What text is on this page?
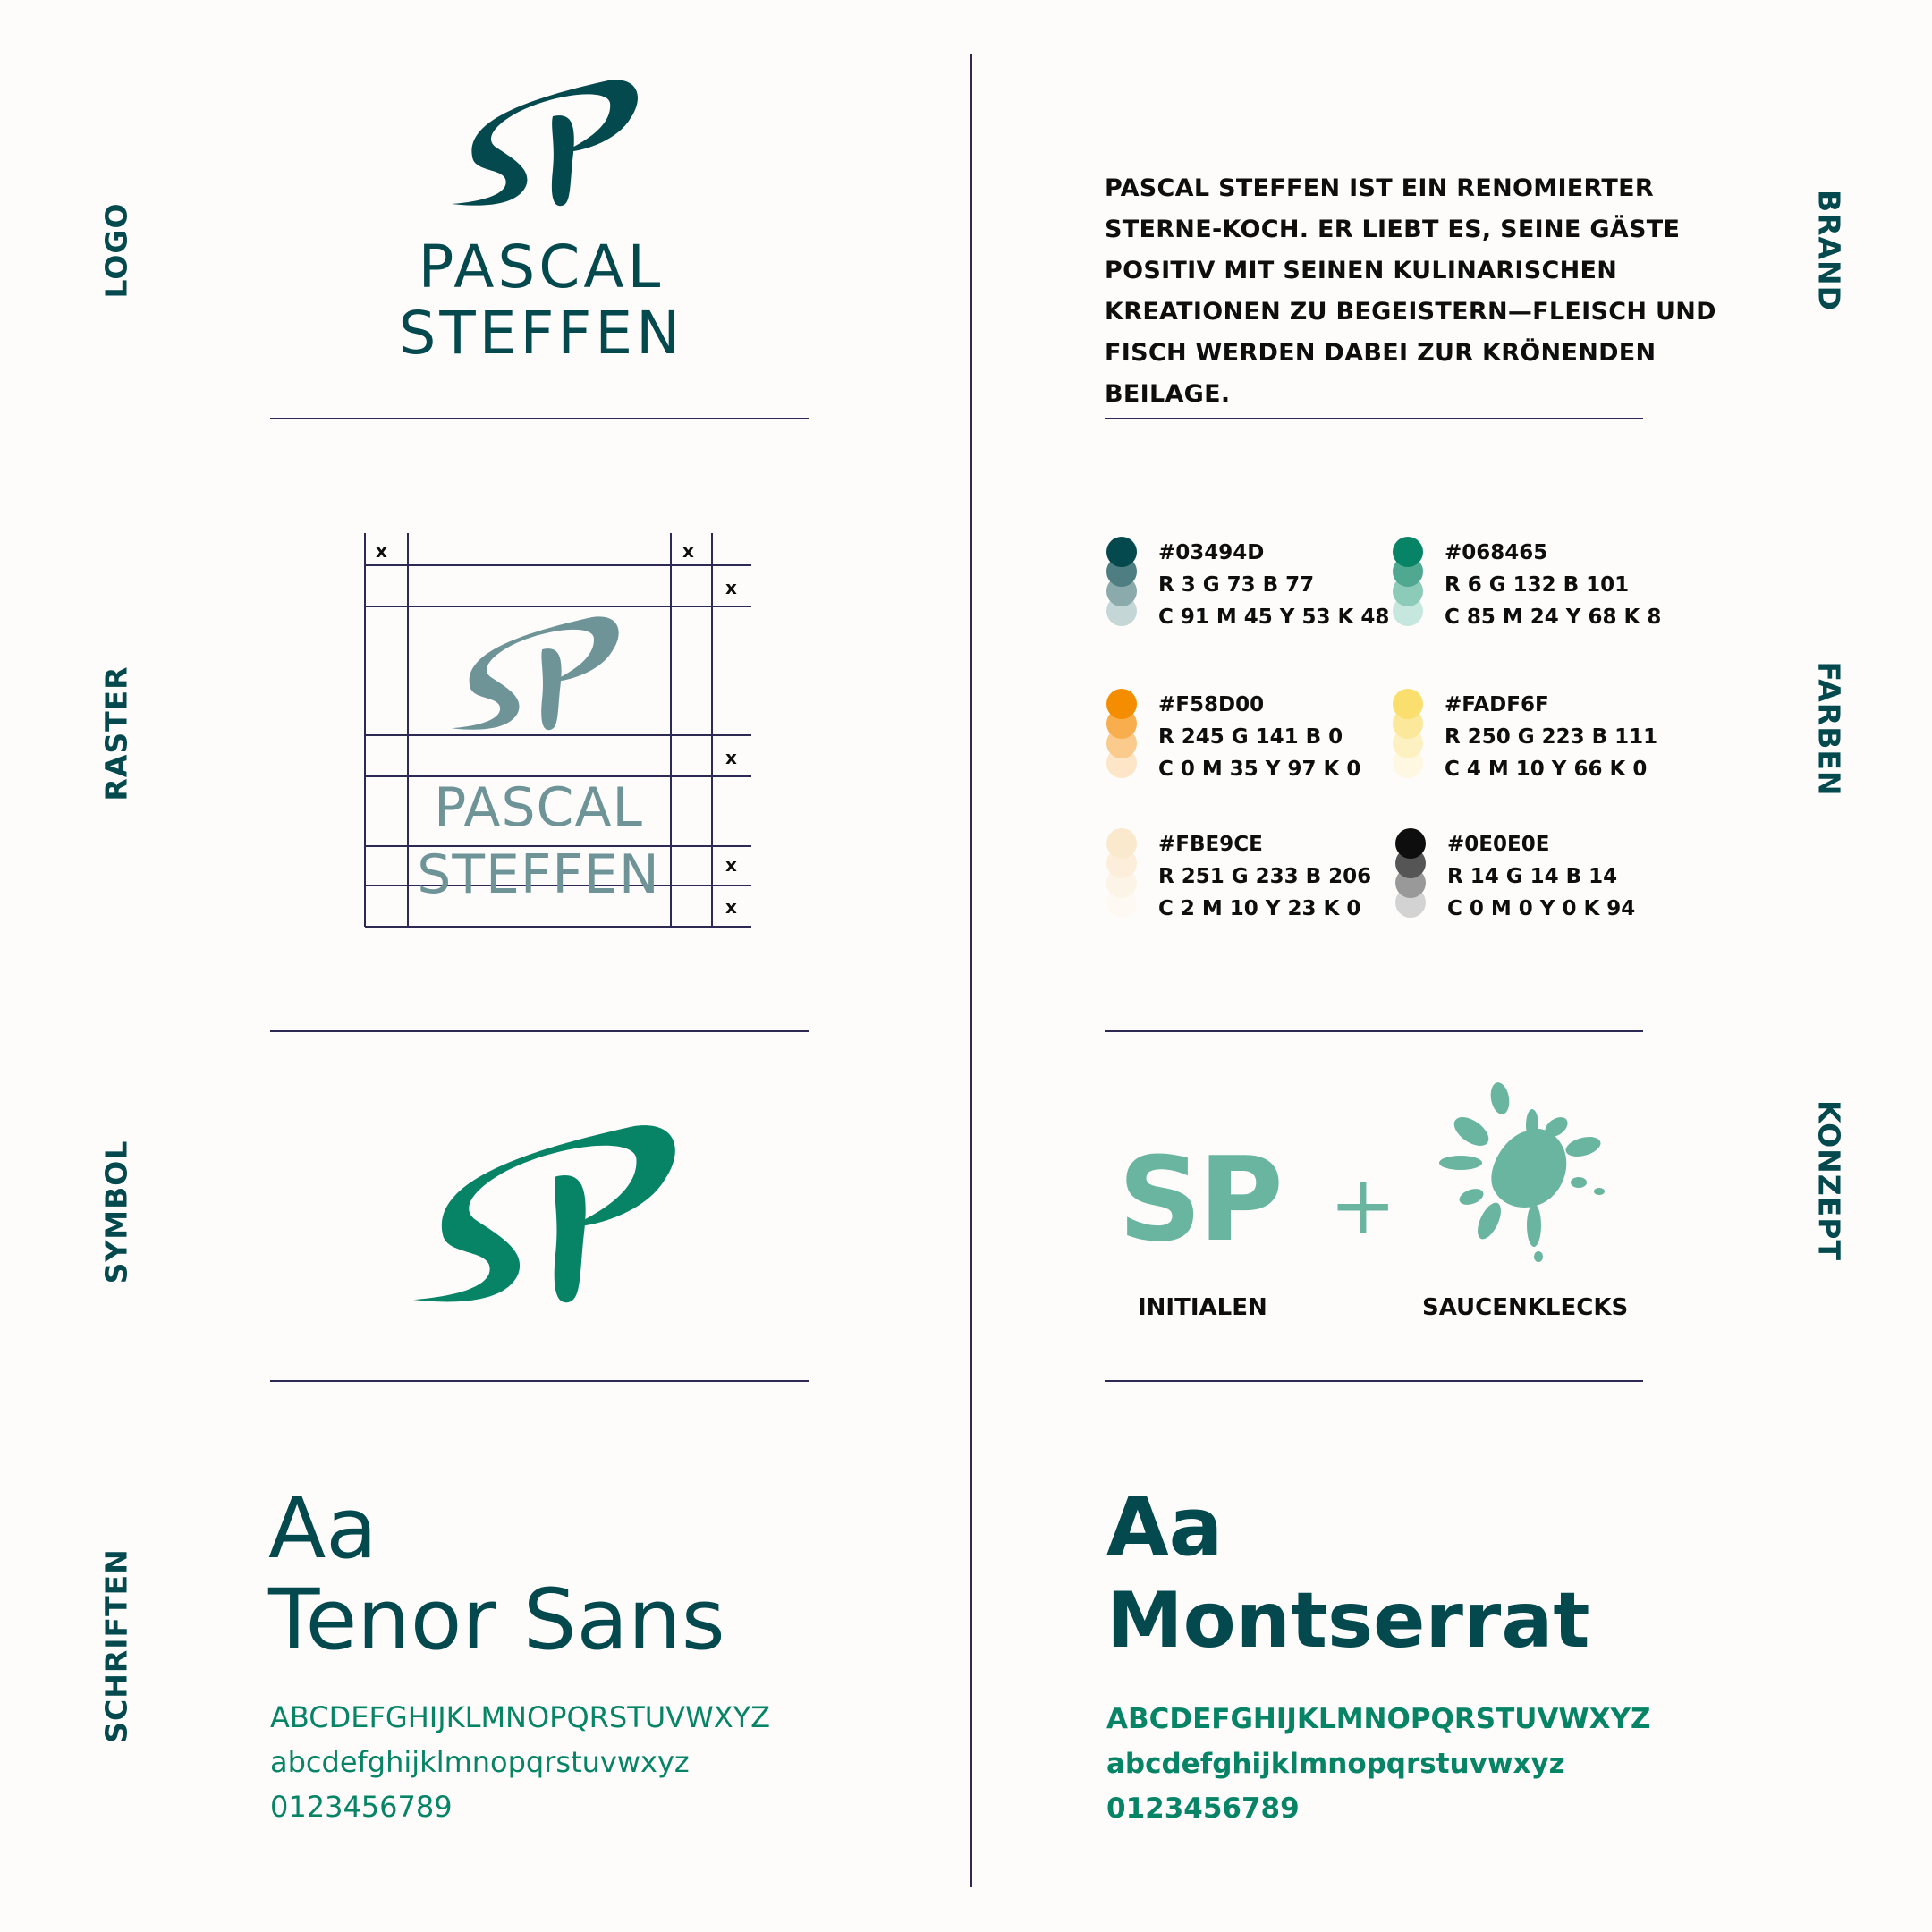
LOGO
RASTER
SYMBOL
SCHRIFTEN
BRAND
FARBEN
KONZEPT
PASCAL
STEFFEN
x	x
x
x
x
x
PASCAL
STEFFEN
PASCAL STEFFEN IST EIN RENOMIERTER STERNE-KOCH. ER LIEBT ES, SEINE GÄSTE POSITIV MIT SEINEN KULINARISCHEN KREATIONEN ZU BEGEISTERN—FLEISCH UND FISCH WERDEN DABEI ZUR KRÖNENDEN BEILAGE.
#03494D
R 3 G 73 B 77
C 91 M 45 Y 53 K 48
#068465
R 6 G 132 B 101
C 85 M 24 Y 68 K 8
#F58D00
R 245 G 141 B 0
C 0 M 35 Y 97 K 0
#FADF6F
R 250 G 223 B 111
C 4 M 10 Y 66 K 0
#FBE9CE
R 251 G 233 B 206
C 2 M 10 Y 23 K 0
#0E0E0E
R 14 G 14 B 14
C 0 M 0 Y 0 K 94
SP +
INITIALEN	SAUCENKLECKS
Aa
Tenor Sans
ABCDEFGHIJKLMNOPQRSTUVWXYZ
abcdefghijklmnopqrstuvwxyz
0123456789
Aa
Montserrat
ABCDEFGHIJKLMNOPQRSTUVWXYZ
abcdefghijklmnopqrstuvwxyz
0123456789
